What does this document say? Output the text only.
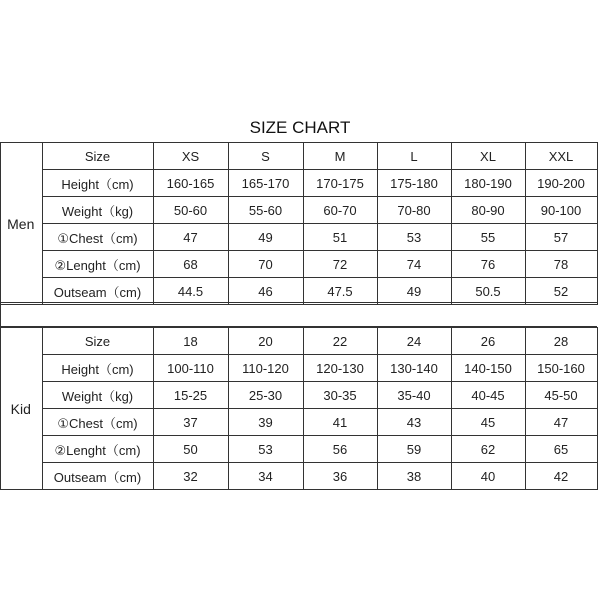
SIZE CHART
Men	Size	XS	S	M	L	XL	XXL
	Height（cm)	160-165	165-170	170-175	175-180	180-190	190-200
	Weight（kg)	50-60	55-60	60-70	70-80	80-90	90-100
	①Chest（cm)	47	49	51	53	55	57
	②Lenght（cm)	68	70	72	74	76	78
	Outseam（cm)	44.5	46	47.5	49	50.5	52
Kid	Size	18	20	22	24	26	28
	Height（cm)	100-110	110-120	120-130	130-140	140-150	150-160
	Weight（kg)	15-25	25-30	30-35	35-40	40-45	45-50
	①Chest（cm)	37	39	41	43	45	47
	②Lenght（cm)	50	53	56	59	62	65
	Outseam（cm)	32	34	36	38	40	42
